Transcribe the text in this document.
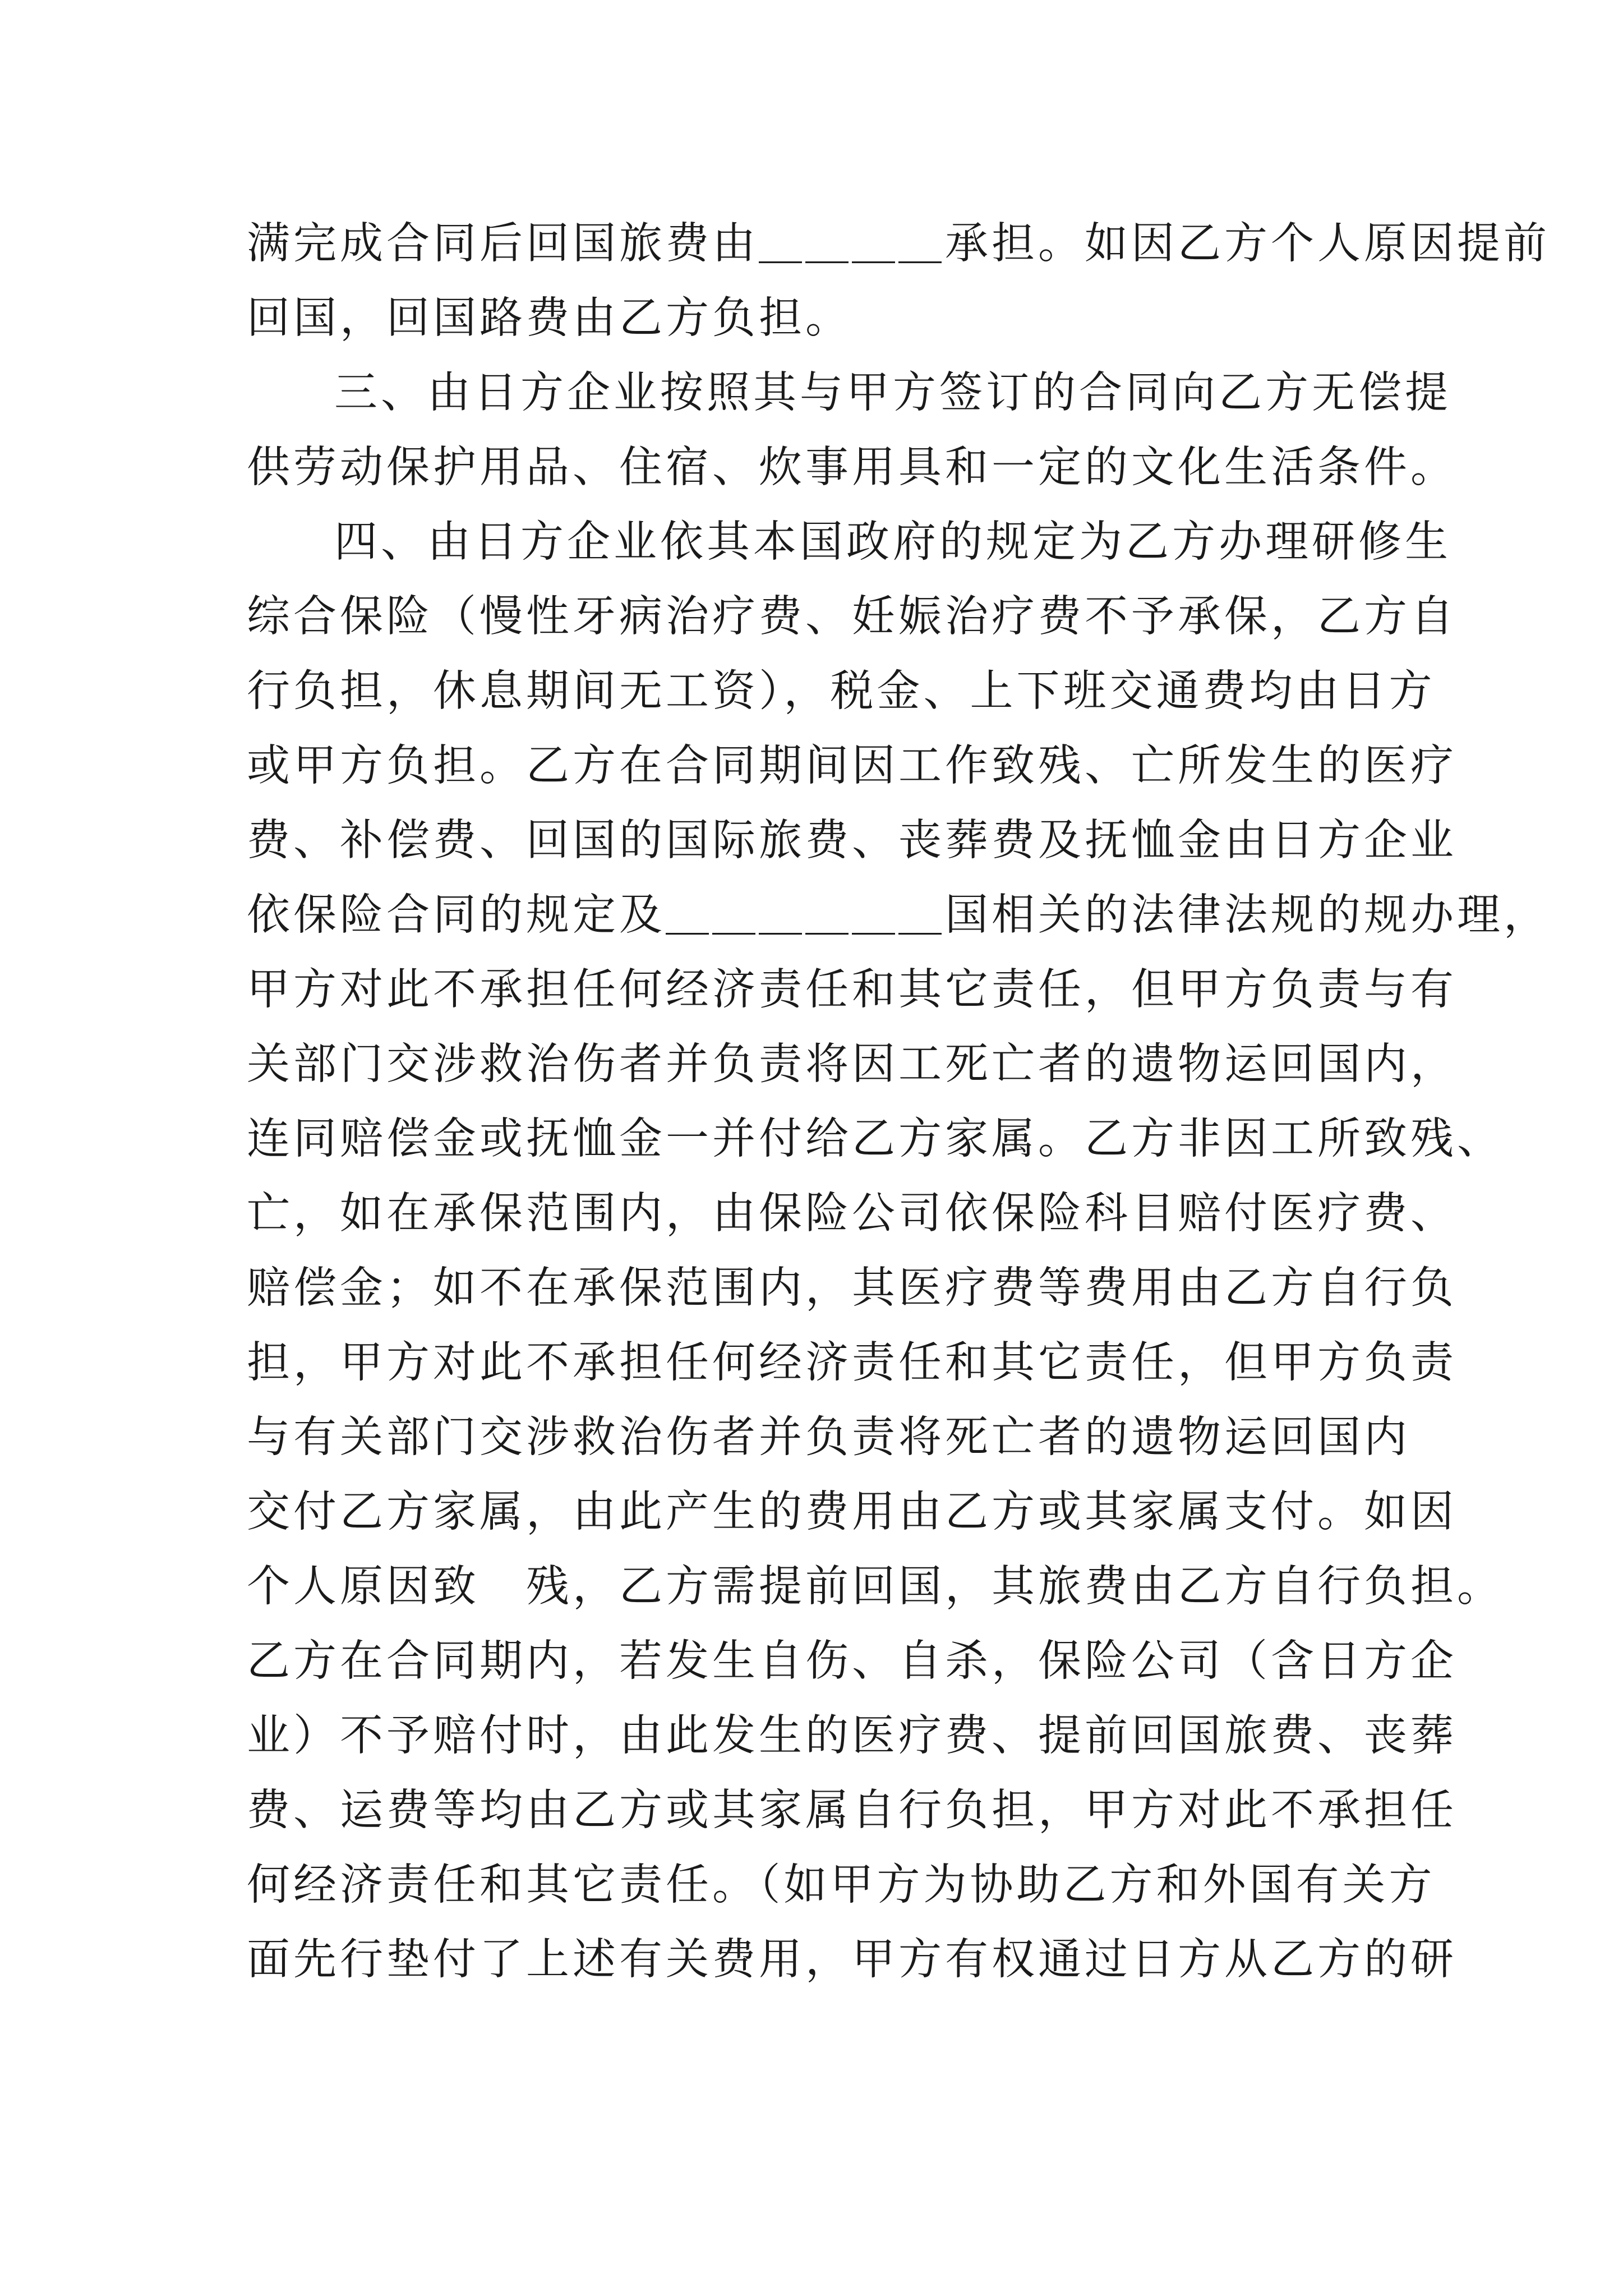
满完成合同后回国旅费由＿＿＿＿承担。如因乙方个人原因提前
回国，回国路费由乙方负担。
三、由日方企业按照其与甲方签订的合同向乙方无偿提
供劳动保护用品、住宿、炊事用具和一定的文化生活条件。
四、由日方企业依其本国政府的规定为乙方办理研修生
综合保险（慢性牙病治疗费、妊娠治疗费不予承保，乙方自
行负担，休息期间无工资），税金、上下班交通费均由日方
或甲方负担。乙方在合同期间因工作致残、亡所发生的医疗
费、补偿费、回国的国际旅费、丧葬费及抚恤金由日方企业
依保险合同的规定及＿＿＿＿＿＿国相关的法律法规的规办理，
甲方对此不承担任何经济责任和其它责任，但甲方负责与有
关部门交涉救治伤者并负责将因工死亡者的遗物运回国内，
连同赔偿金或抚恤金一并付给乙方家属。乙方非因工所致残、
亡，如在承保范围内，由保险公司依保险科目赔付医疗费、
赔偿金；如不在承保范围内，其医疗费等费用由乙方自行负
担，甲方对此不承担任何经济责任和其它责任，但甲方负责
与有关部门交涉救治伤者并负责将死亡者的遗物运回国内
交付乙方家属，由此产生的费用由乙方或其家属支付。如因
个人原因致　残，乙方需提前回国，其旅费由乙方自行负担。
乙方在合同期内，若发生自伤、自杀，保险公司（含日方企
业）不予赔付时，由此发生的医疗费、提前回国旅费、丧葬
费、运费等均由乙方或其家属自行负担，甲方对此不承担任
何经济责任和其它责任。（如甲方为协助乙方和外国有关方
面先行垫付了上述有关费用，甲方有权通过日方从乙方的研
